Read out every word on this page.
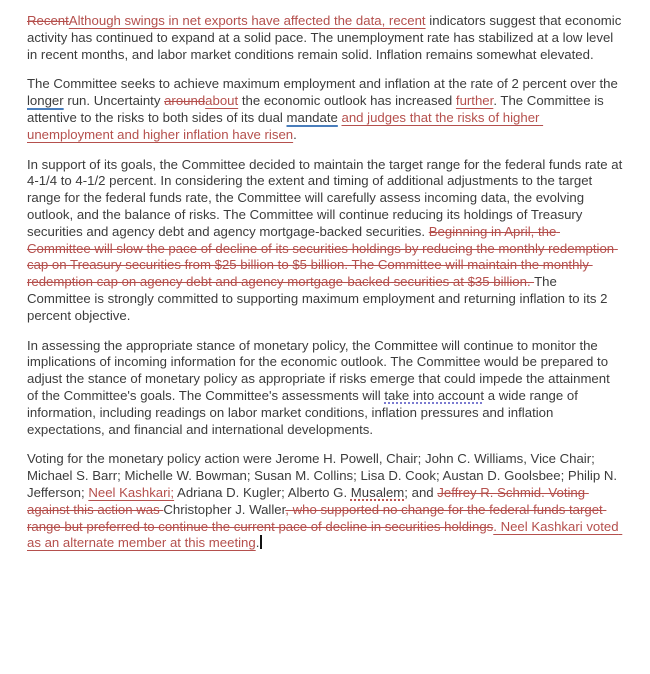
RecentAlthough swings in net exports have affected the data, recent indicators suggest that economic activity has continued to expand at a solid pace. The unemployment rate has stabilized at a low level in recent months, and labor market conditions remain solid. Inflation remains somewhat elevated.

The Committee seeks to achieve maximum employment and inflation at the rate of 2 percent over the longer run. Uncertainty aroundabout the economic outlook has increased further. The Committee is attentive to the risks to both sides of its dual mandate and judges that the risks of higher unemployment and higher inflation have risen.

In support of its goals, the Committee decided to maintain the target range for the federal funds rate at 4-1/4 to 4-1/2 percent. In considering the extent and timing of additional adjustments to the target range for the federal funds rate, the Committee will carefully assess incoming data, the evolving outlook, and the balance of risks. The Committee will continue reducing its holdings of Treasury securities and agency debt and agency mortgage-backed securities. Beginning in April, the Committee will slow the pace of decline of its securities holdings by reducing the monthly redemption cap on Treasury securities from $25 billion to $5 billion. The Committee will maintain the monthly redemption cap on agency debt and agency mortgage-backed securities at $35 billion. The Committee is strongly committed to supporting maximum employment and returning inflation to its 2 percent objective.

In assessing the appropriate stance of monetary policy, the Committee will continue to monitor the implications of incoming information for the economic outlook. The Committee would be prepared to adjust the stance of monetary policy as appropriate if risks emerge that could impede the attainment of the Committee's goals. The Committee's assessments will take into account a wide range of information, including readings on labor market conditions, inflation pressures and inflation expectations, and financial and international developments.

Voting for the monetary policy action were Jerome H. Powell, Chair; John C. Williams, Vice Chair; Michael S. Barr; Michelle W. Bowman; Susan M. Collins; Lisa D. Cook; Austan D. Goolsbee; Philip N. Jefferson; Neel Kashkari; Adriana D. Kugler; Alberto G. Musalem; and Jeffrey R. Schmid. Voting against this action was Christopher J. Waller, who supported no change for the federal funds target range but preferred to continue the current pace of decline in securities holdings. Neel Kashkari voted as an alternate member at this meeting.
